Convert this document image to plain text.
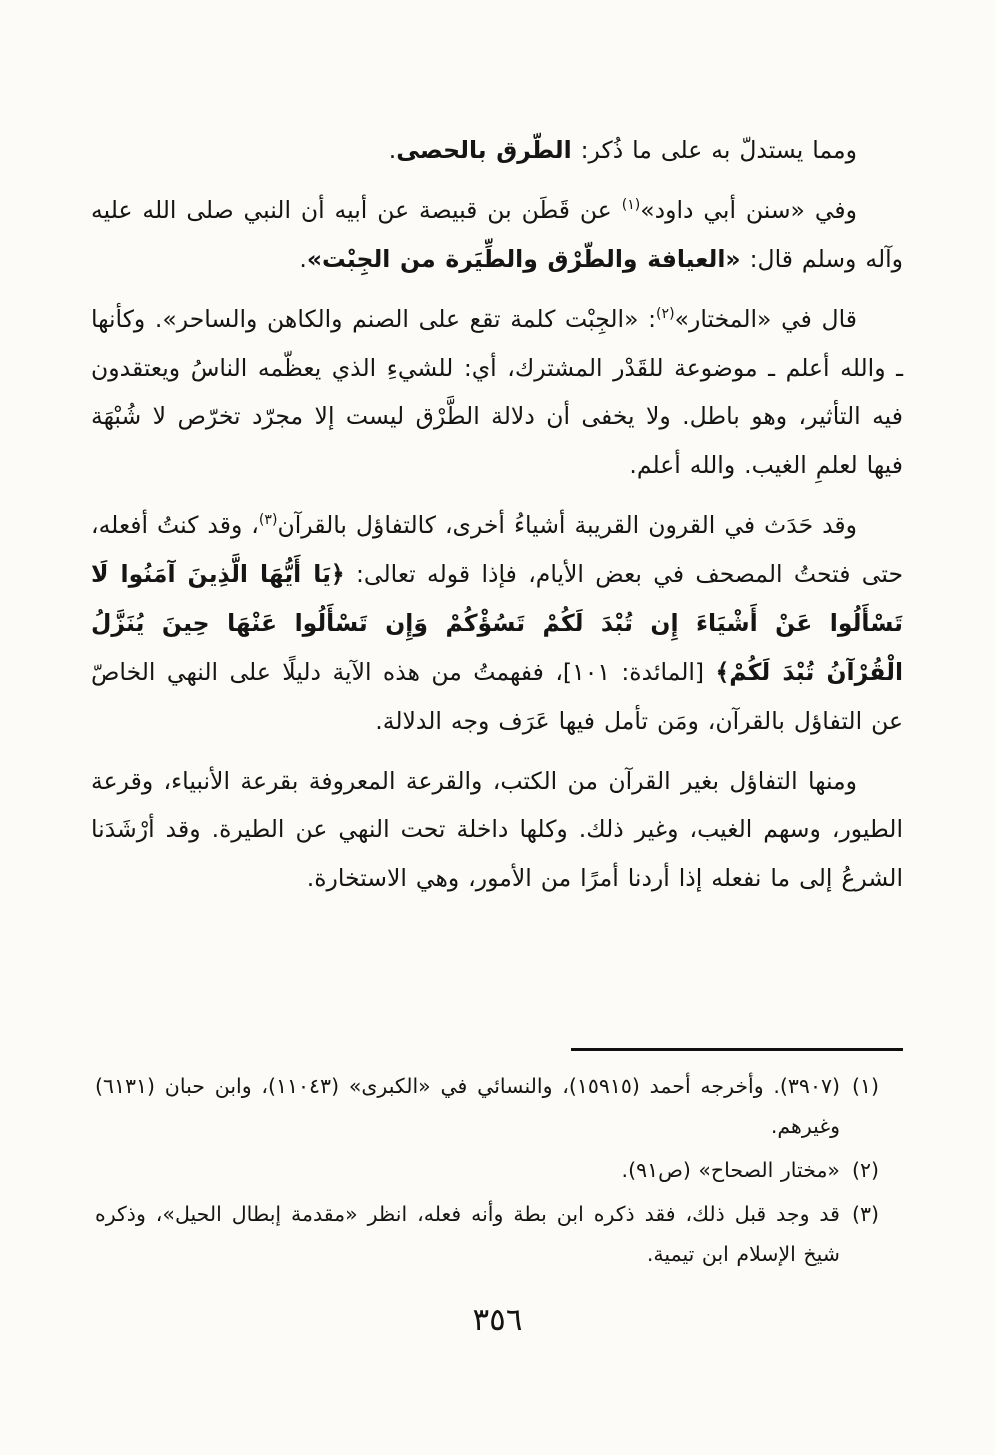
ومما يستدلّ به على ما ذُكر: الطّرق بالحصى.

وفي «سنن أبي داود»$^{(١)}$ عن قَطَن بن قبيصة عن أبيه أن النبي صلى الله عليه وآله وسلم قال: «العيافة والطّرْق والطِّيَرة من الجِبْت».

قال في «المختار»$^{(٢)}$: «الجِبْت كلمة تقع على الصنم والكاهن والساحر». وكأنها ـ والله أعلم ـ موضوعة للقَدْر المشترك، أي: للشيءِ الذي يعظّمه الناسُ ويعتقدون فيه التأثير، وهو باطل. ولا يخفى أن دلالة الطَّرْق ليست إلا مجرّد تخرّص لا شُبْهَة فيها لعلمِ الغيب. والله أعلم.

وقد حَدَث في القرون القريبة أشياءُ أخرى، كالتفاؤل بالقرآن$^{(٣)}$، وقد كنتُ أفعله، حتى فتحتُ المصحف في بعض الأيام، فإذا قوله تعالى: ﴿يَا أَيُّهَا الَّذِينَ آمَنُوا لَا تَسْأَلُوا عَنْ أَشْيَاءَ إِن تُبْدَ لَكُمْ تَسُؤْكُمْ وَإِن تَسْأَلُوا عَنْهَا حِينَ يُنَزَّلُ الْقُرْآنُ تُبْدَ لَكُمْ﴾ [المائدة: ١٠١]، ففهمتُ من هذه الآية دليلًا على النهي الخاصّ عن التفاؤل بالقرآن، ومَن تأمل فيها عَرَف وجه الدلالة.

ومنها التفاؤل بغير القرآن من الكتب، والقرعة المعروفة بقرعة الأنبياء، وقرعة الطيور، وسهم الغيب، وغير ذلك. وكلها داخلة تحت النهي عن الطيرة. وقد أرْشَدَنا الشرعُ إلى ما نفعله إذا أردنا أمرًا من الأمور، وهي الاستخارة.

(١)
(٣٩٠٧). وأخرجه أحمد (١٥٩١٥)، والنسائي في «الكبرى» (١١٠٤٣)، وابن حبان (٦١٣١) وغيرهم.
(٢)
«مختار الصحاح» (ص٩١).
(٣)
قد وجد قبل ذلك، فقد ذكره ابن بطة وأنه فعله، انظر «مقدمة إبطال الحيل»، وذكره شيخ الإسلام ابن تيمية.
٣٥٦
